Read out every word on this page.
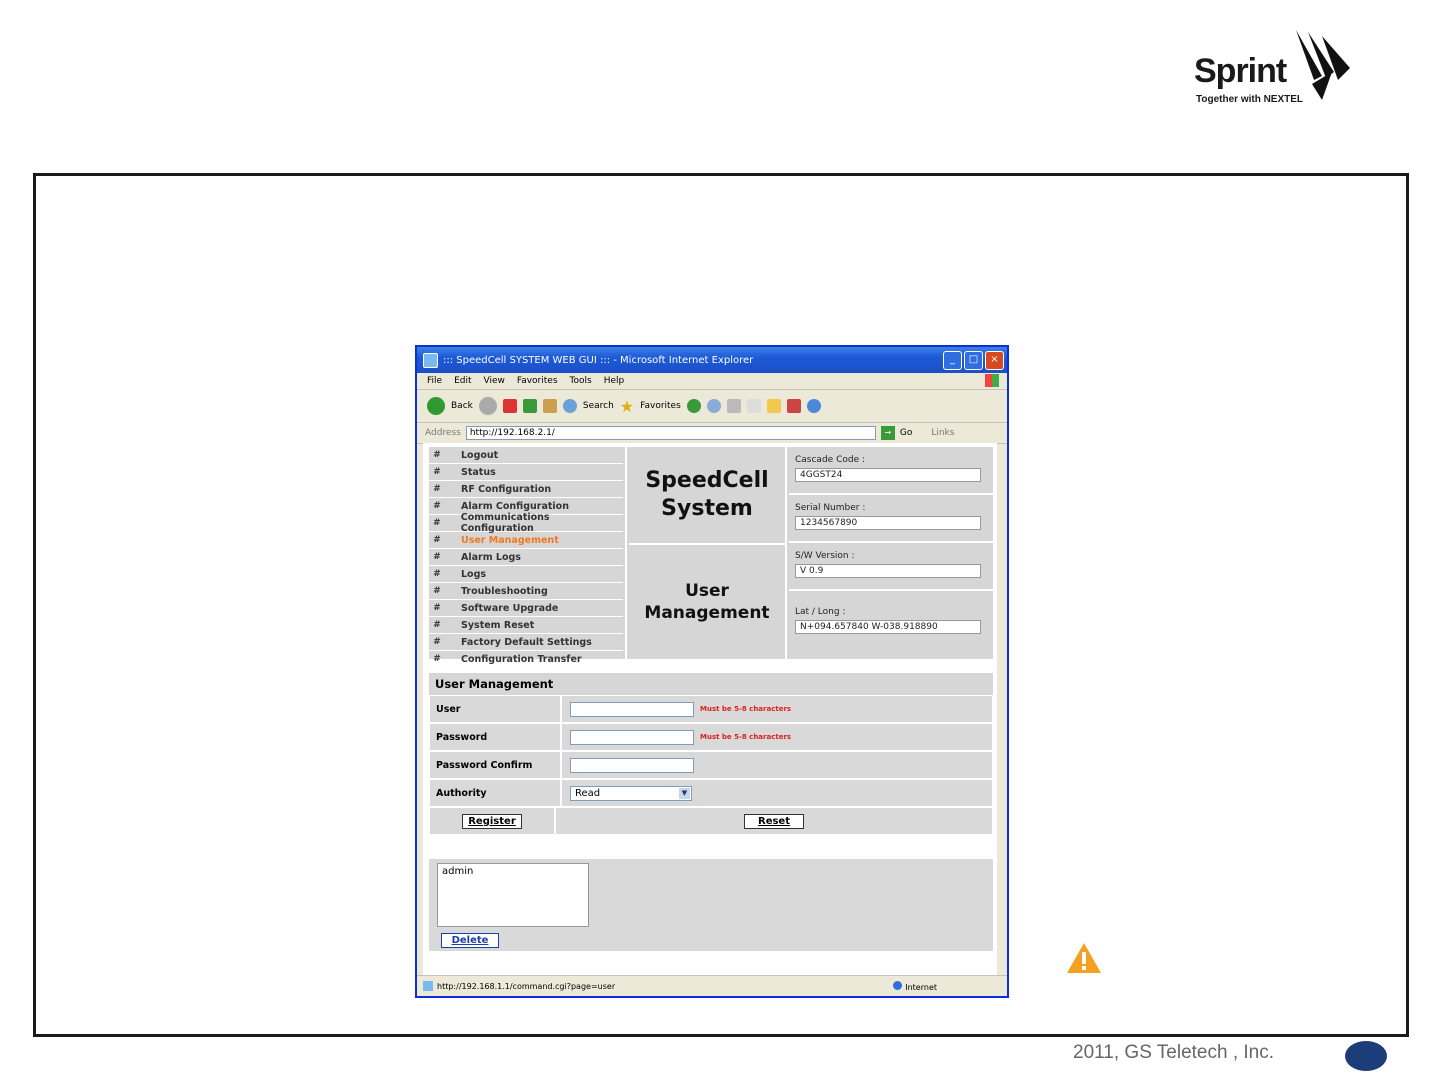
Sprint
Together with NEXTEL
::: SpeedCell SYSTEM WEB GUI ::: - Microsoft Internet Explorer	_	□	×
File Edit View Favorites Tools Help
Back	Search ★ Favorites
Address http://192.168.2.1/	→ Go Links
#	Logout
#	Status
#	RF Configuration
#	Alarm Configuration
#	Communications Configuration
#	User Management
#	Alarm Logs
#	Logs
#	Troubleshooting
#	Software Upgrade
#	System Reset
#	Factory Default Settings
#	Configuration Transfer
SpeedCell
System
User
Management
Cascade Code :
4GGST24
Serial Number :
1234567890
S/W Version :
V 0.9
Lat / Long :
N+094.657840 W-038.918890
User Management
User	Must be 5-8 characters
Password	Must be 5-8 characters
Password Confirm
Authority	Read	▼
Register	Reset
admin
Delete
http://192.168.1.1/command.cgi?page=user	Internet
2011, GS Teletech , Inc.
